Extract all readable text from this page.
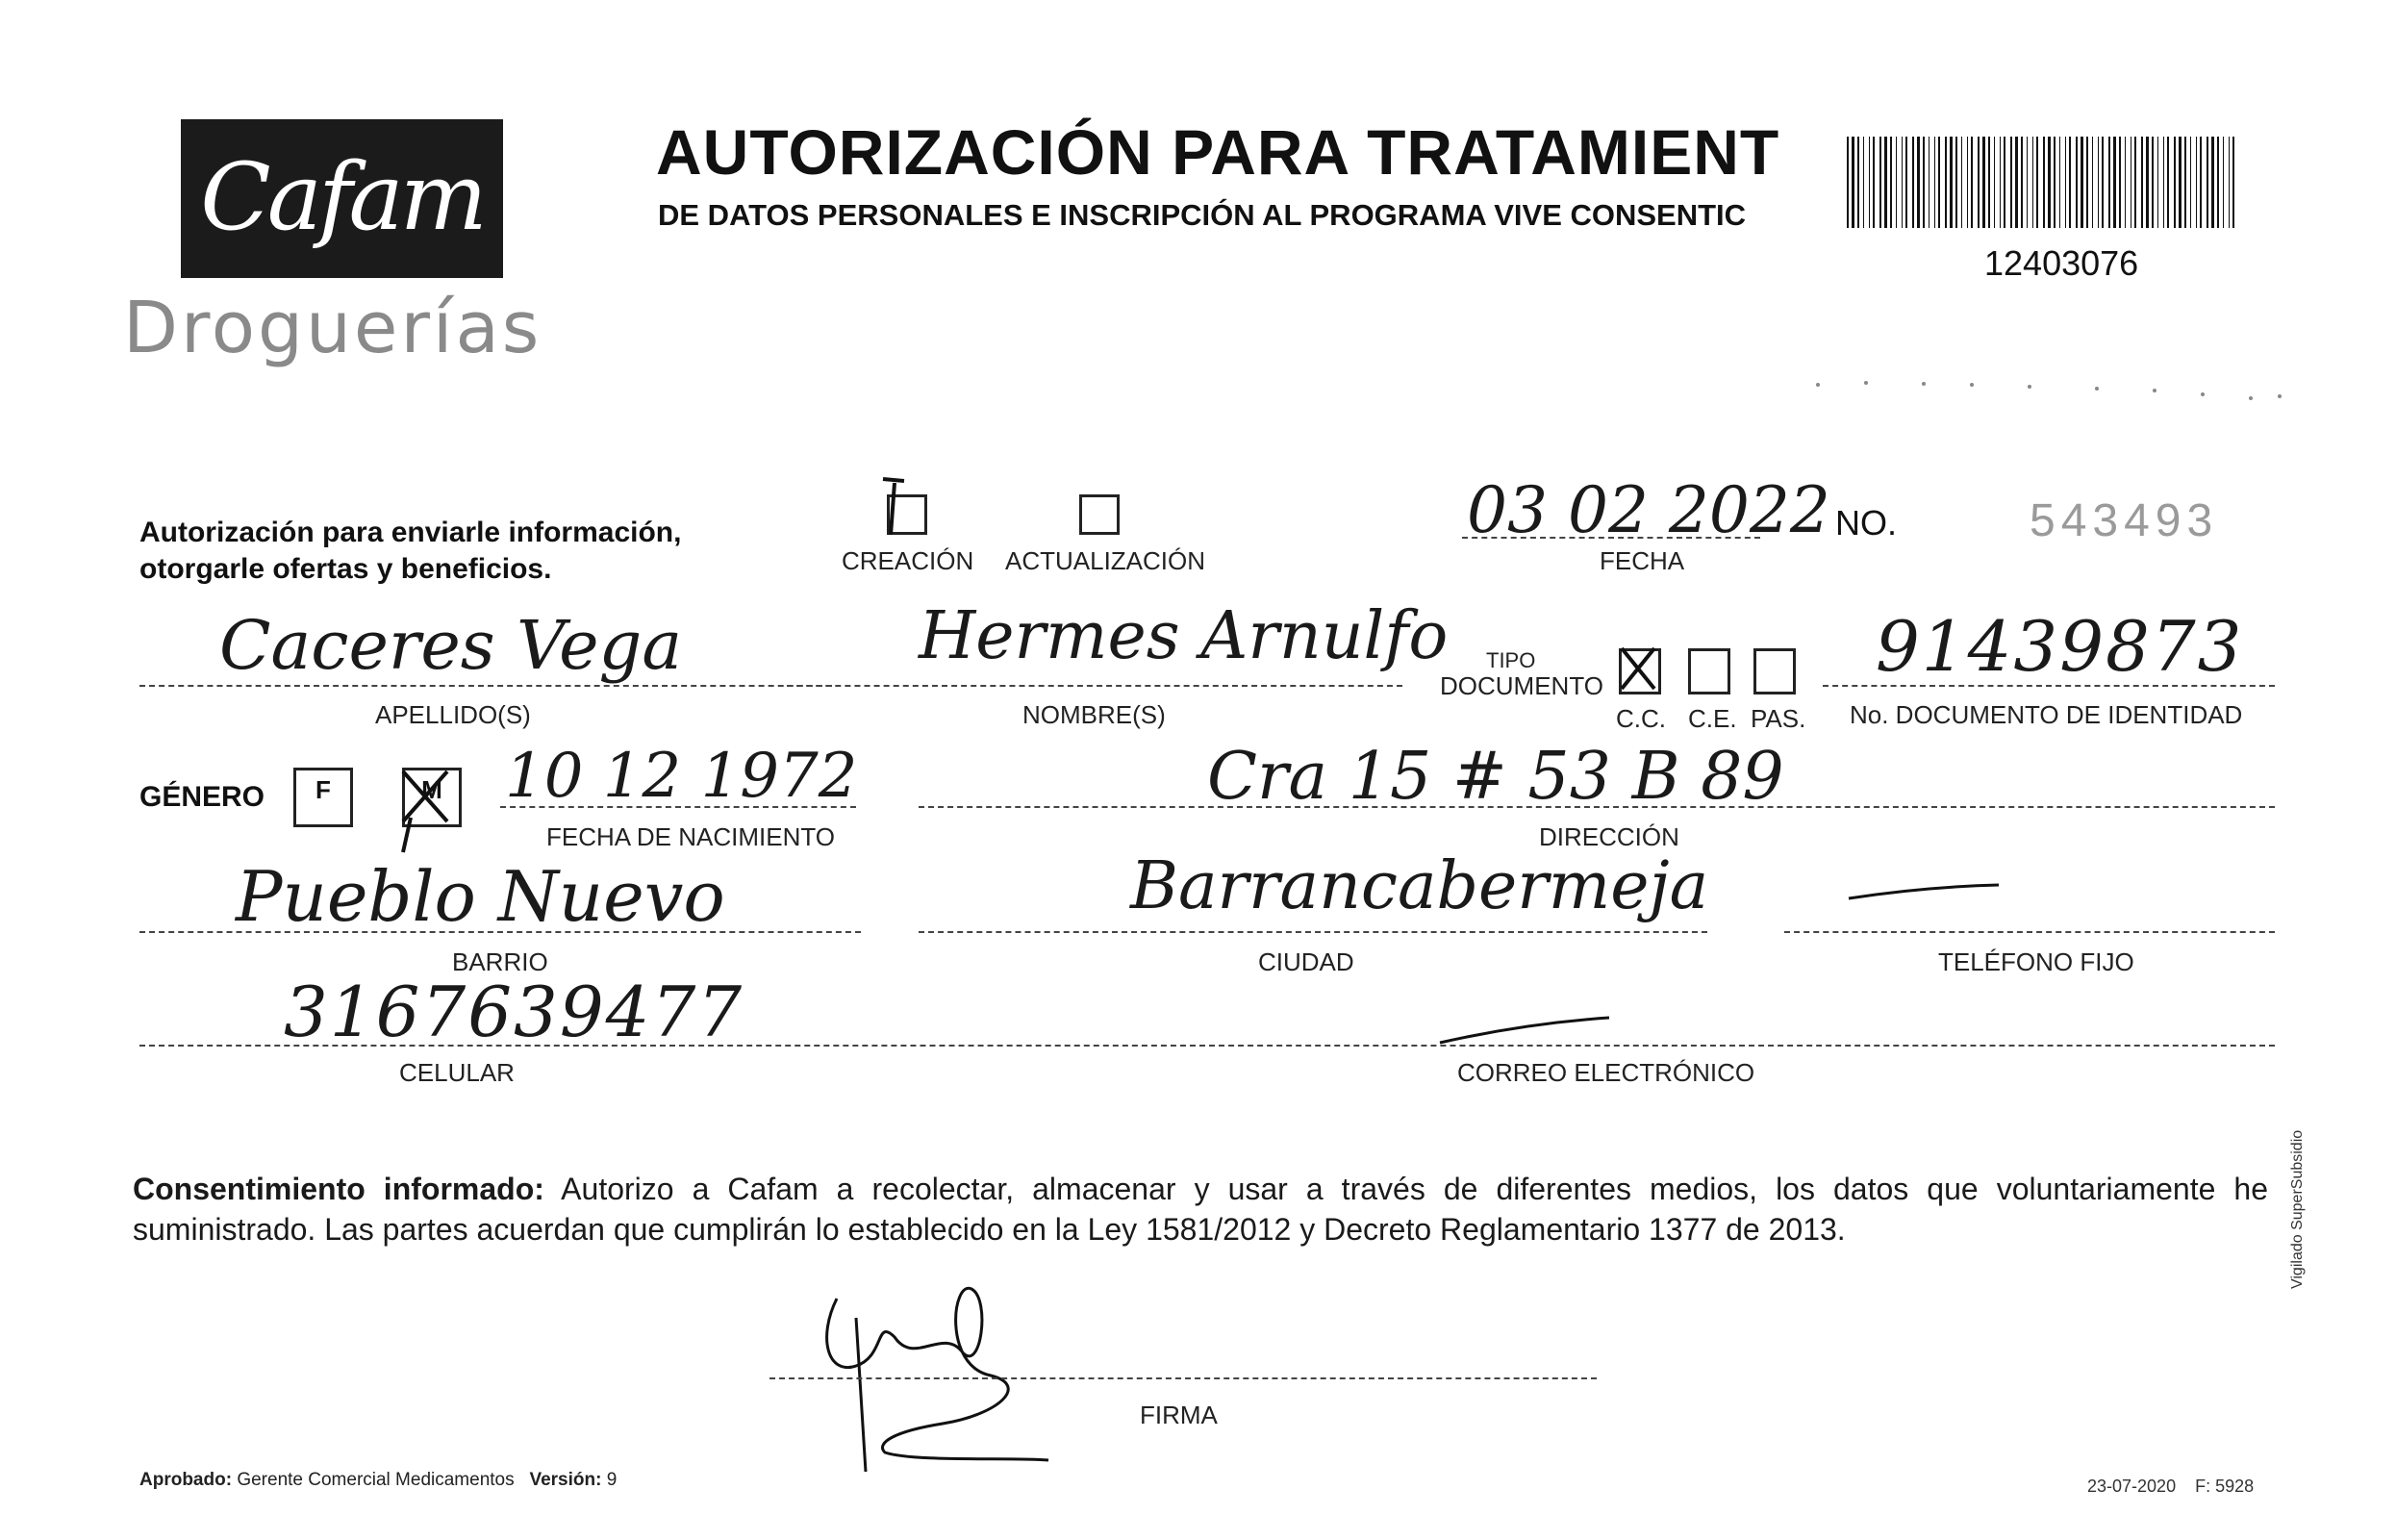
Cafam
Droguerías
AUTORIZACIÓN PARA TRATAMIENT
DE DATOS PERSONALES E INSCRIPCIÓN AL PROGRAMA VIVE CONSENTIC
12403076
Autorización para enviarle información, otorgarle ofertas y beneficios.	CREACIÓN ACTUALIZACIÓN
03 02 2022
FECHA
NO.	543493
Caceres Vega
APELLIDO(S)
Hermes Arnulfo
NOMBRE(S)
TIPO
DOCUMENTO
C.C. C.E. PAS.
91439873
No. DOCUMENTO DE IDENTIDAD
GÉNERO	F	M	10 12 1972
FECHA DE NACIMIENTO
Cra 15 # 53 B 89
DIRECCIÓN
Pueblo Nuevo
BARRIO
Barrancabermeja
CIUDAD	TELÉFONO FIJO
3167639477
CELULAR	CORREO ELECTRÓNICO
Consentimiento informado: Autorizo a Cafam a recolectar, almacenar y usar a través de diferentes medios, los datos que voluntariamente he suministrado. Las partes acuerdan que cumplirán lo establecido en la Ley 1581/2012 y Decreto Reglamentario 1377 de 2013.
FIRMA
Aprobado: Gerente Comercial Medicamentos Versión: 9	23-07-2020 F: 5928
Vigilado SuperSubsidio
